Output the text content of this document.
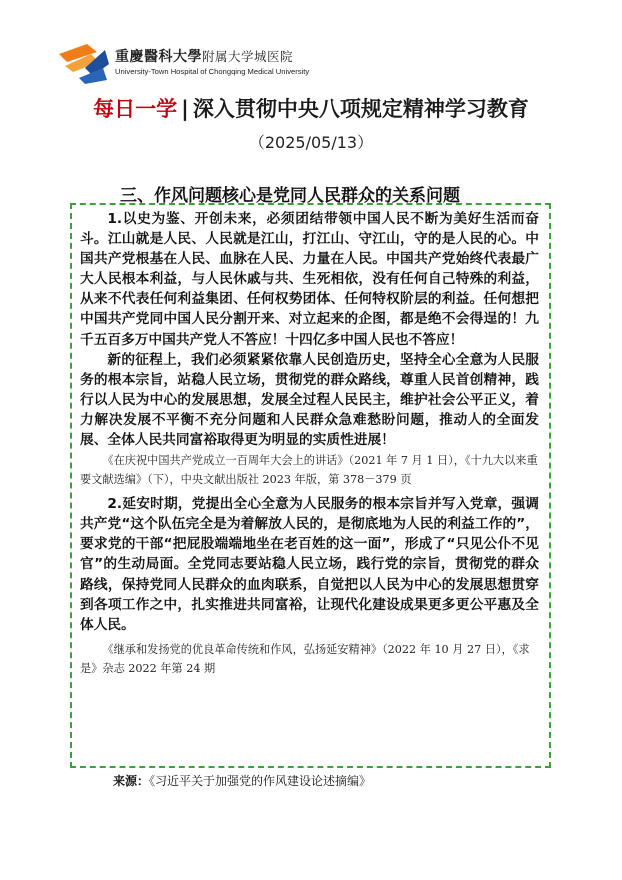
重慶醫科大學附属大学城医院
University-Town Hospital of Chongqing Medical University
每日一学 | 深入贯彻中央八项规定精神学习教育
（2025/05/13）
三、作风问题核心是党同人民群众的关系问题

1.以史为鉴、开创未来，必须团结带领中国人民不断为美好生活而奋斗。江山就是人民、人民就是江山，打江山、守江山，守的是人民的心。中国共产党根基在人民、血脉在人民、力量在人民。中国共产党始终代表最广大人民根本利益，与人民休戚与共、生死相依，没有任何自己特殊的利益，从来不代表任何利益集团、任何权势团体、任何特权阶层的利益。任何想把中国共产党同中国人民分割开来、对立起来的企图，都是绝不会得逞的！九千五百多万中国共产党人不答应！十四亿多中国人民也不答应！

新的征程上，我们必须紧紧依靠人民创造历史，坚持全心全意为人民服务的根本宗旨，站稳人民立场，贯彻党的群众路线，尊重人民首创精神，践行以人民为中心的发展思想，发展全过程人民民主，维护社会公平正义，着力解决发展不平衡不充分问题和人民群众急难愁盼问题，推动人的全面发展、全体人民共同富裕取得更为明显的实质性进展！

《在庆祝中国共产党成立一百周年大会上的讲话》（2021 年 7 月 1 日），《十九大以来重要文献选编》（下），中央文献出版社 2023 年版，第 378－379 页

2.延安时期，党提出全心全意为人民服务的根本宗旨并写入党章，强调共产党“这个队伍完全是为着解放人民的，是彻底地为人民的利益工作的”，要求党的干部“把屁股端端地坐在老百姓的这一面”，形成了“只见公仆不见官”的生动局面。全党同志要站稳人民立场，践行党的宗旨，贯彻党的群众路线，保持党同人民群众的血肉联系，自觉把以人民为中心的发展思想贯穿到各项工作之中，扎实推进共同富裕，让现代化建设成果更多更公平惠及全体人民。

《继承和发扬党的优良革命传统和作风，弘扬延安精神》（2022 年 10 月 27 日），《求是》杂志 2022 年第 24 期

来源：《习近平关于加强党的作风建设论述摘编》
